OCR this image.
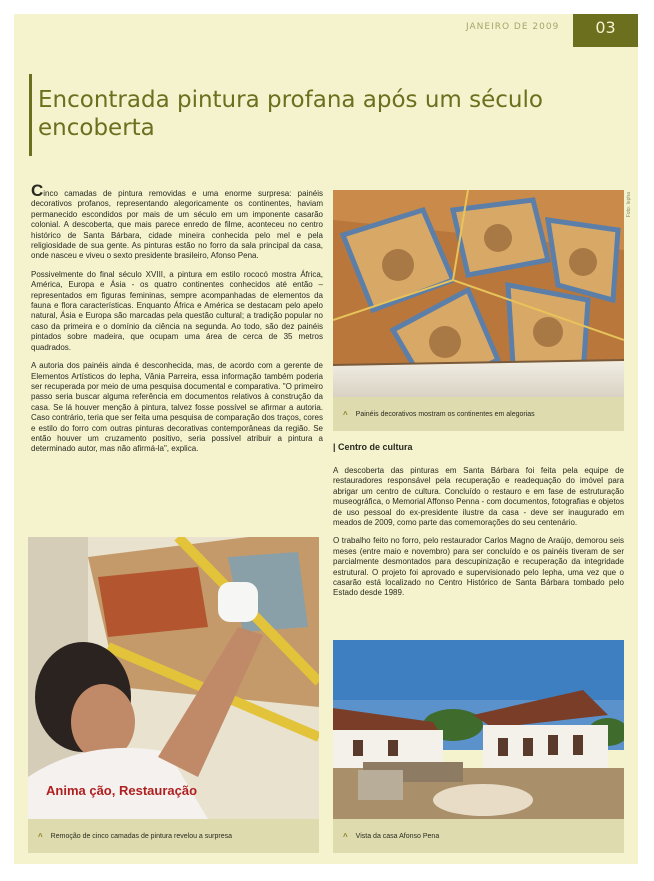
JANEIRO DE 2009	03
Encontrada pintura profana após um século encoberta

Cinco camadas de pintura removidas e uma enorme surpresa: painéis decorativos profanos, representando alegoricamente os continentes, haviam permanecido escondidos por mais de um século em um imponente casarão colonial. A descoberta, que mais parece enredo de filme, aconteceu no centro histórico de Santa Bárbara, cidade mineira conhecida pelo mel e pela religiosidade de sua gente. As pinturas estão no forro da sala principal da casa, onde nasceu e viveu o sexto presidente brasileiro, Afonso Pena.

Possivelmente do final século XVIII, a pintura em estilo rococó mostra África, América, Europa e Ásia - os quatro continentes conhecidos até então – representados em figuras femininas, sempre acompanhadas de elementos da fauna e flora características. Enquanto África e América se destacam pelo apelo natural, Ásia e Europa são marcadas pela questão cultural; a tradição popular no caso da primeira e o domínio da ciência na segunda. Ao todo, são dez painéis pintados sobre madeira, que ocupam uma área de cerca de 35 metros quadrados.

A autoria dos painéis ainda é desconhecida, mas, de acordo com a gerente de Elementos Artísticos do Iepha, Vânia Parreira, essa informação também poderia ser recuperada por meio de uma pesquisa documental e comparativa. "O primeiro passo seria buscar alguma referência em documentos relativos à construção da casa. Se lá houver menção à pintura, talvez fosse possível se afirmar a autoria. Caso contrário, teria que ser feita uma pesquisa de comparação dos traços, cores e estilo do forro com outras pinturas decorativas contemporâneas da região. Se então houver um cruzamento positivo, seria possível atribuir a pintura a determinado autor, mas não afirmá-la", explica.

Foto: Iepha
^ Painéis decorativos mostram os continentes em alegorias
| Centro de cultura

A descoberta das pinturas em Santa Bárbara foi feita pela equipe de restauradores responsável pela recuperação e readequação do imóvel para abrigar um centro de cultura. Concluído o restauro e em fase de estruturação museográfica, o Memorial Affonso Penna - com documentos, fotografias e objetos de uso pessoal do ex-presidente ilustre da casa - deve ser inaugurado em meados de 2009, como parte das comemorações do seu centenário.

O trabalho feito no forro, pelo restaurador Carlos Magno de Araújo, demorou seis meses (entre maio e novembro) para ser concluído e os painéis tiveram de ser parcialmente desmontados para descupinização e recuperação da integridade estrutural. O projeto foi aprovado e supervisionado pelo Iepha, uma vez que o casarão está localizado no Centro Histórico de Santa Bárbara tombado pelo Estado desde 1989.

Anima ção, Restauração
^ Remoção de cinco camadas de pintura revelou a surpresa	^ Vista da casa Afonso Pena
